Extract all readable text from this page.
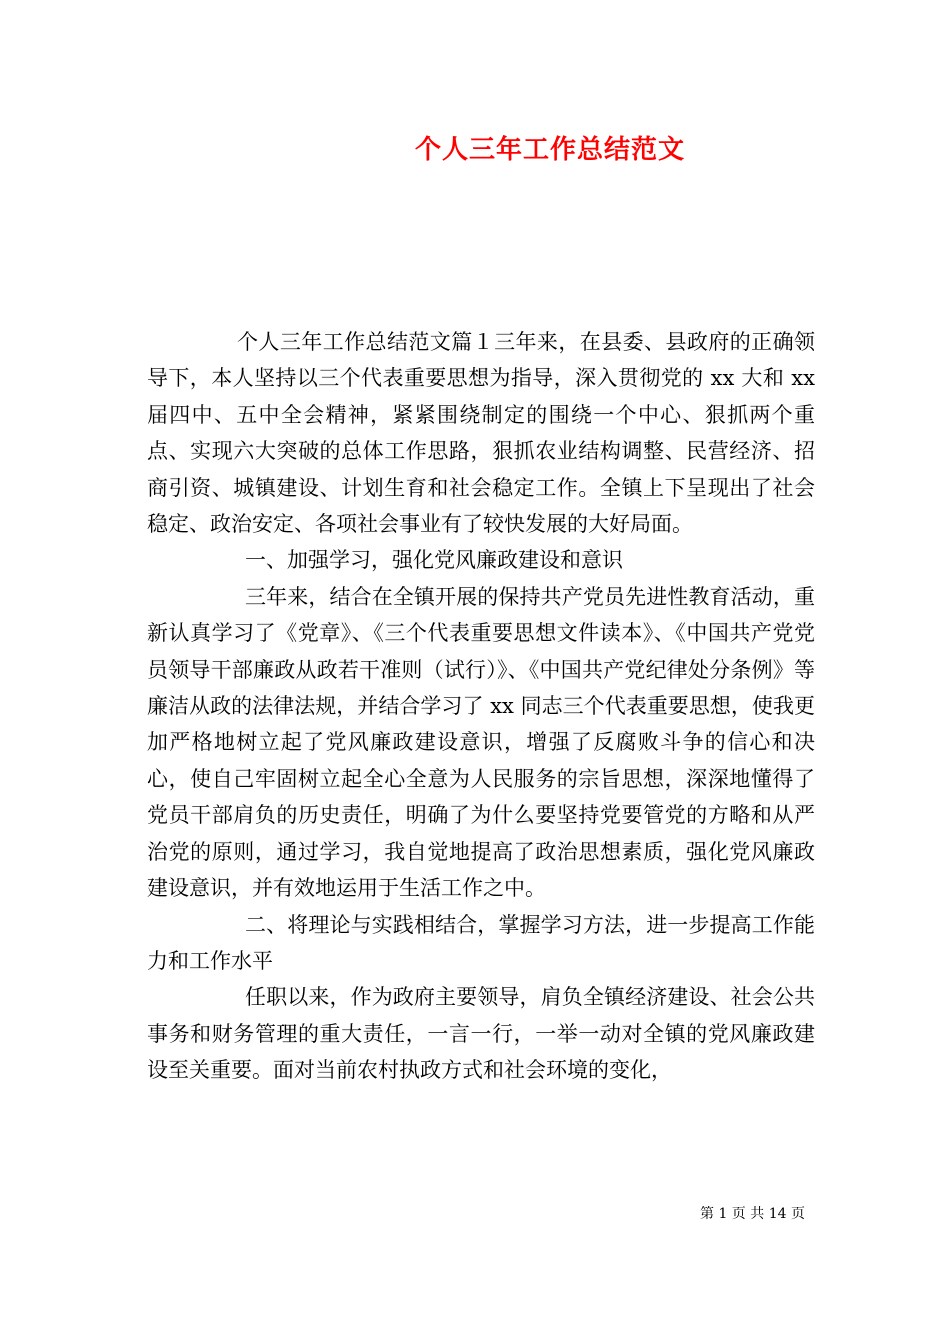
个人三年工作总结范文

个人三年工作总结范文篇１三年来，在县委、县政府的正确领导下，本人坚持以三个代表重要思想为指导，深入贯彻党的 xx 大和 xx 届四中、五中全会精神，紧紧围绕制定的围绕一个中心、狠抓两个重点、实现六大突破的总体工作思路，狠抓农业结构调整、民营经济、招商引资、城镇建设、计划生育和社会稳定工作。全镇上下呈现出了社会稳定、政治安定、各项社会事业有了较快发展的大好局面。

一、加强学习，强化党风廉政建设和意识

三年来，结合在全镇开展的保持共产党员先进性教育活动，重新认真学习了《党章》、《三个代表重要思想文件读本》、《中国共产党党员领导干部廉政从政若干准则（试行）》、《中国共产党纪律处分条例》等廉洁从政的法律法规，并结合学习了 xx 同志三个代表重要思想，使我更加严格地树立起了党风廉政建设意识，增强了反腐败斗争的信心和决心，使自己牢固树立起全心全意为人民服务的宗旨思想，深深地懂得了党员干部肩负的历史责任，明确了为什么要坚持党要管党的方略和从严治党的原则，通过学习，我自觉地提高了政治思想素质，强化党风廉政建设意识，并有效地运用于生活工作之中。

二、将理论与实践相结合，掌握学习方法，进一步提高工作能力和工作水平

任职以来，作为政府主要领导，肩负全镇经济建设、社会公共事务和财务管理的重大责任，一言一行，一举一动对全镇的党风廉政建设至关重要。面对当前农村执政方式和社会环境的变化，

第 1 页 共 14 页
